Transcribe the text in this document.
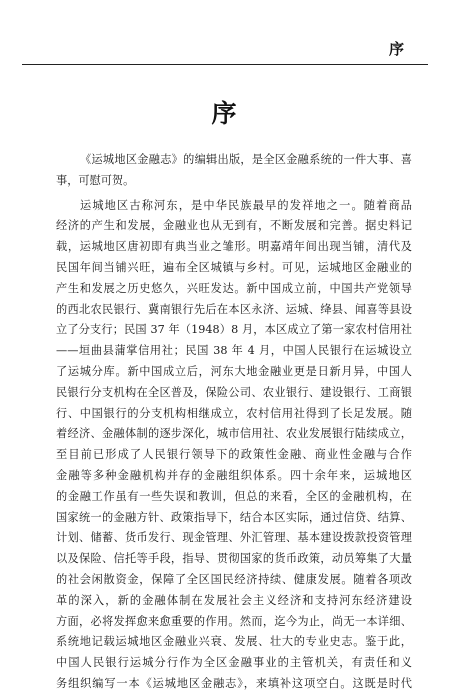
序
序
《运城地区金融志》的编辑出版，是全区金融系统的一件大事、喜
事，可慰可贺。
运城地区古称河东，是中华民族最早的发祥地之一。随着商品
经济的产生和发展，金融业也从无到有，不断发展和完善。据史料记
载，运城地区唐初即有典当业之雏形。明嘉靖年间出现当铺，清代及
民国年间当铺兴旺，遍布全区城镇与乡村。可见，运城地区金融业的
产生和发展之历史悠久，兴旺发达。新中国成立前，中国共产党领导
的西北农民银行、冀南银行先后在本区永济、运城、绛县、闻喜等县设
立了分支行；民国 37 年（1948）8 月，本区成立了第一家农村信用社
——垣曲县蒲掌信用社；民国 38 年 4 月，中国人民银行在运城设立
了运城分库。新中国成立后，河东大地金融业更是日新月异，中国人
民银行分支机构在全区普及，保险公司、农业银行、建设银行、工商银
行、中国银行的分支机构相继成立，农村信用社得到了长足发展。随
着经济、金融体制的逐步深化，城市信用社、农业发展银行陆续成立，
至目前已形成了人民银行领导下的政策性金融、商业性金融与合作
金融等多种金融机构并存的金融组织体系。四十余年来，运城地区
的金融工作虽有一些失误和教训，但总的来看，全区的金融机构，在
国家统一的金融方针、政策指导下，结合本区实际，通过信贷、结算、
计划、储蓄、货币发行、现金管理、外汇管理、基本建设拨款投资管理
以及保险、信托等手段，指导、贯彻国家的货币政策，动员筹集了大量
的社会闲散资金，保障了全区国民经济持续、健康发展。随着各项改
革的深入，新的金融体制在发展社会主义经济和支持河东经济建设
方面，必将发挥愈来愈重要的作用。然而，迄今为止，尚无一本详细、
系统地记载运城地区金融业兴衰、发展、壮大的专业史志。鉴于此，
中国人民银行运城分行作为全区金融事业的主管机关，有责任和义
务组织编写一本《运城地区金融志》，来填补这项空白。这既是时代
